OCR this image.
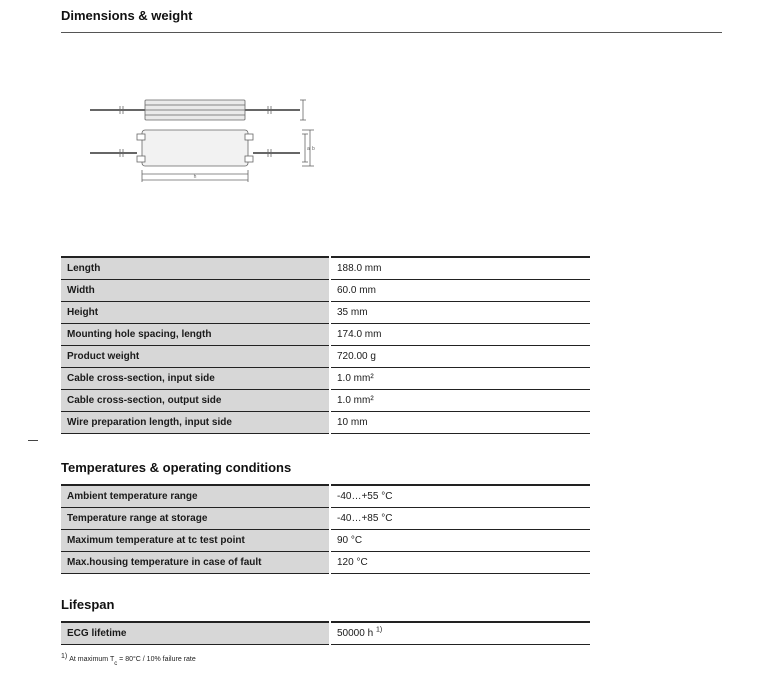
Dimensions & weight
h
a b
Length	188.0 mm
Width	60.0 mm
Height	35 mm
Mounting hole spacing, length	174.0 mm
Product weight	720.00 g
Cable cross-section, input side	1.0 mm²
Cable cross-section, output side	1.0 mm²
Wire preparation length, input side	10 mm
Temperatures & operating conditions
Ambient temperature range	-40…+55 °C
Temperature range at storage	-40…+85 °C
Maximum temperature at tc test point	90 °C
Max.housing temperature in case of fault	120 °C
Lifespan
ECG lifetime	50000 h $^{1)}$
1) At maximum Tc = 80°C / 10% failure rate
